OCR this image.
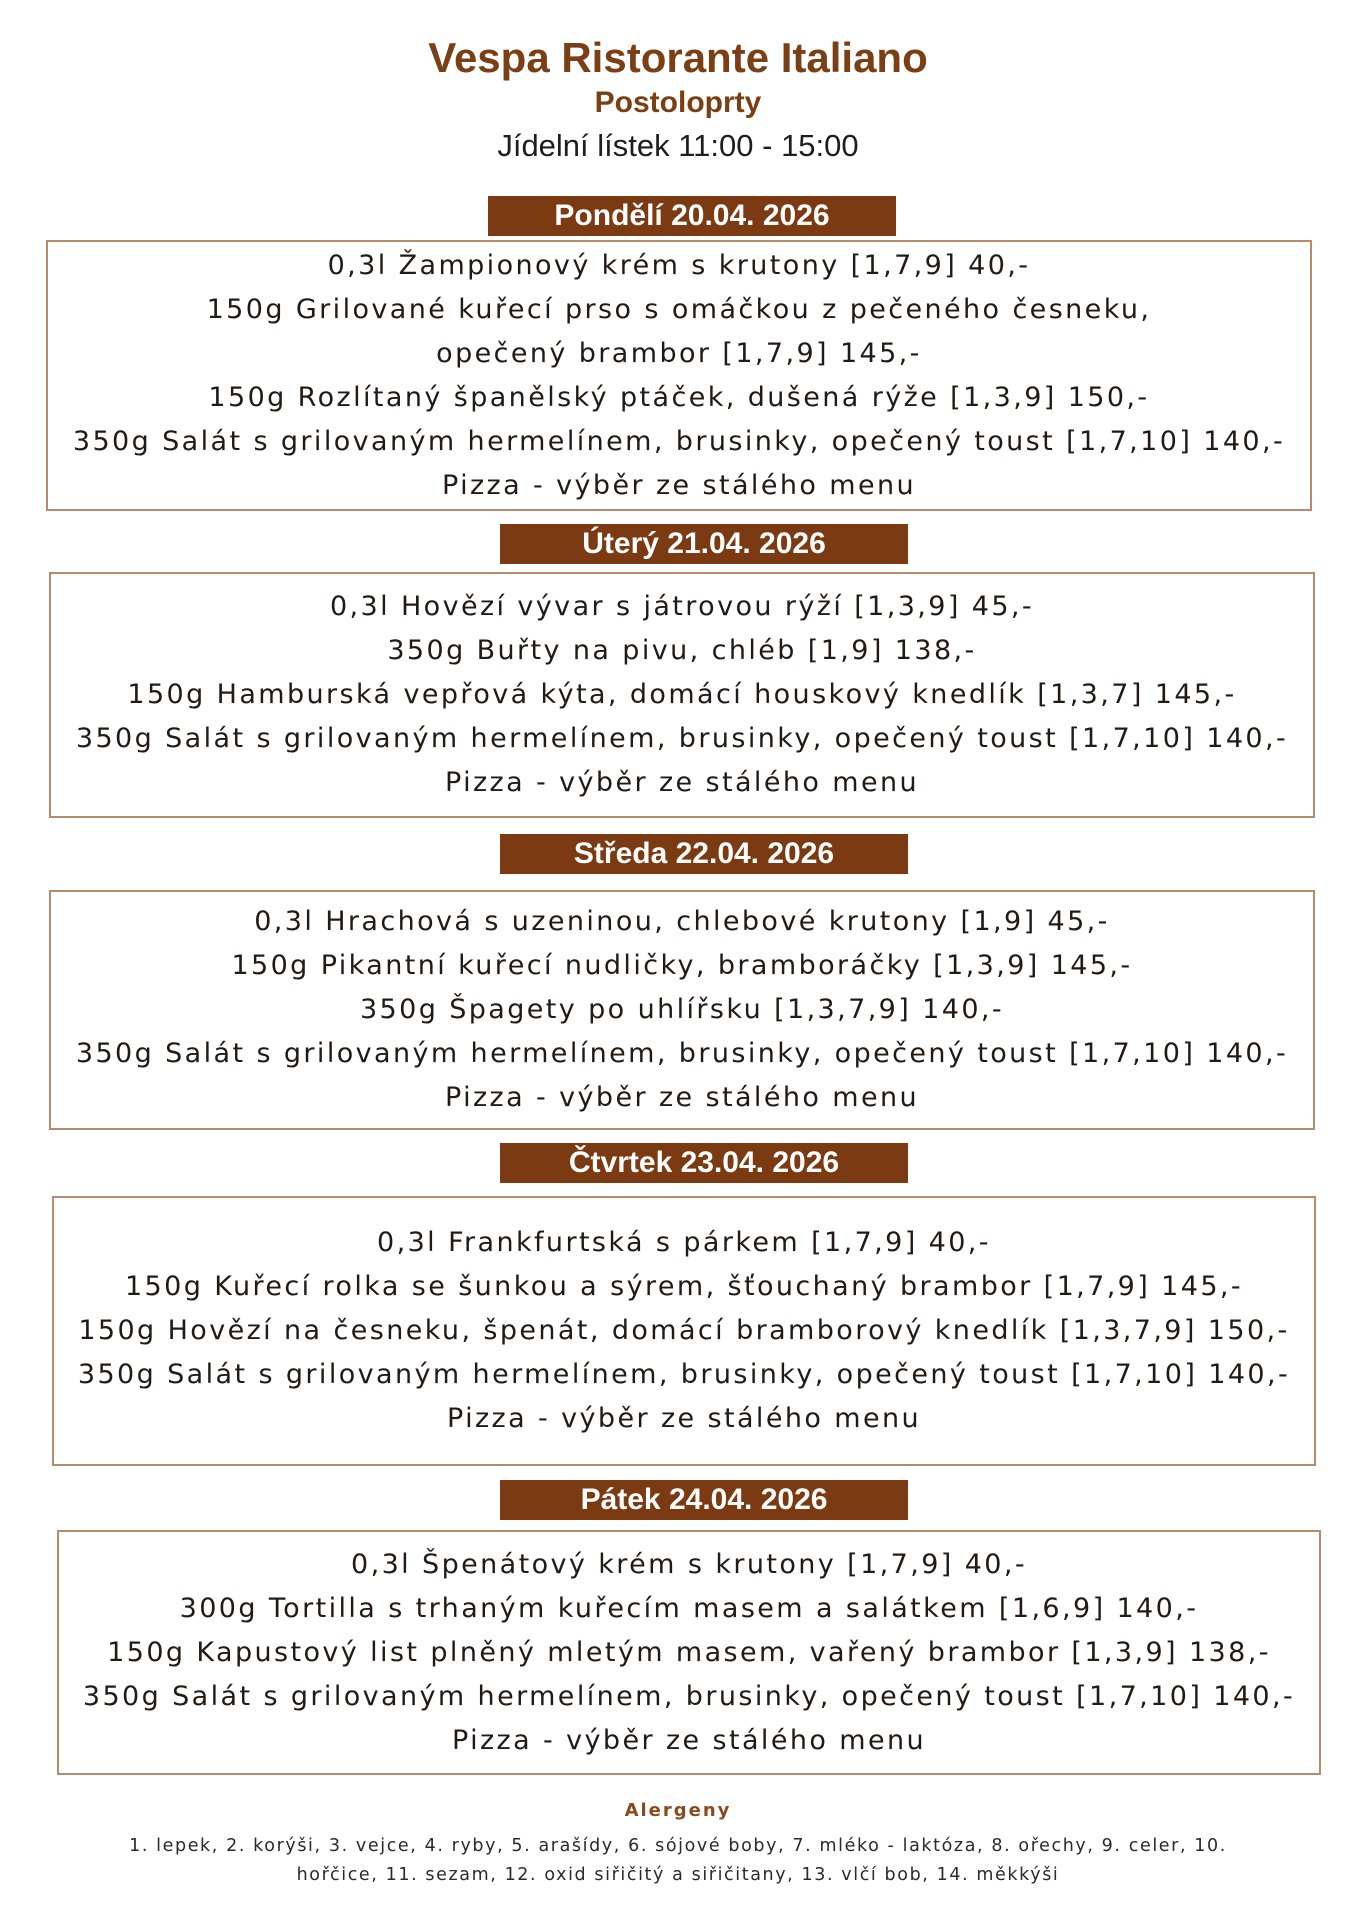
Vespa Ristorante Italiano
Postoloprty
Jídelní lístek 11:00 - 15:00
Pondělí 20.04. 2026
0,3l Žampionový krém s krutony [1,7,9] 40,-
150g Grilované kuřecí prso s omáčkou z pečeného česneku,
opečený brambor [1,7,9] 145,-
150g Rozlítaný španělský ptáček, dušená rýže [1,3,9] 150,-
350g Salát s grilovaným hermelínem, brusinky, opečený toust [1,7,10] 140,-
Pizza - výběr ze stálého menu
Úterý 21.04. 2026
0,3l Hovězí vývar s játrovou rýží [1,3,9] 45,-
350g Buřty na pivu, chléb [1,9] 138,-
150g Hamburská vepřová kýta, domácí houskový knedlík [1,3,7] 145,-
350g Salát s grilovaným hermelínem, brusinky, opečený toust [1,7,10] 140,-
Pizza - výběr ze stálého menu
Středa 22.04. 2026
0,3l Hrachová s uzeninou, chlebové krutony [1,9] 45,-
150g Pikantní kuřecí nudličky, bramboráčky [1,3,9] 145,-
350g Špagety po uhlířsku [1,3,7,9] 140,-
350g Salát s grilovaným hermelínem, brusinky, opečený toust [1,7,10] 140,-
Pizza - výběr ze stálého menu
Čtvrtek 23.04. 2026
0,3l Frankfurtská s párkem [1,7,9] 40,-
150g Kuřecí rolka se šunkou a sýrem, šťouchaný brambor [1,7,9] 145,-
150g Hovězí na česneku, špenát, domácí bramborový knedlík [1,3,7,9] 150,-
350g Salát s grilovaným hermelínem, brusinky, opečený toust [1,7,10] 140,-
Pizza - výběr ze stálého menu
Pátek 24.04. 2026
0,3l Špenátový krém s krutony [1,7,9] 40,-
300g Tortilla s trhaným kuřecím masem a salátkem [1,6,9] 140,-
150g Kapustový list plněný mletým masem, vařený brambor [1,3,9] 138,-
350g Salát s grilovaným hermelínem, brusinky, opečený toust [1,7,10] 140,-
Pizza - výběr ze stálého menu
Alergeny
1. lepek, 2. korýši, 3. vejce, 4. ryby, 5. arašídy, 6. sójové boby, 7. mléko - laktóza, 8. ořechy, 9. celer, 10.
hořčice, 11. sezam, 12. oxid siřičitý a siřičitany, 13. vlčí bob, 14. měkkýši
